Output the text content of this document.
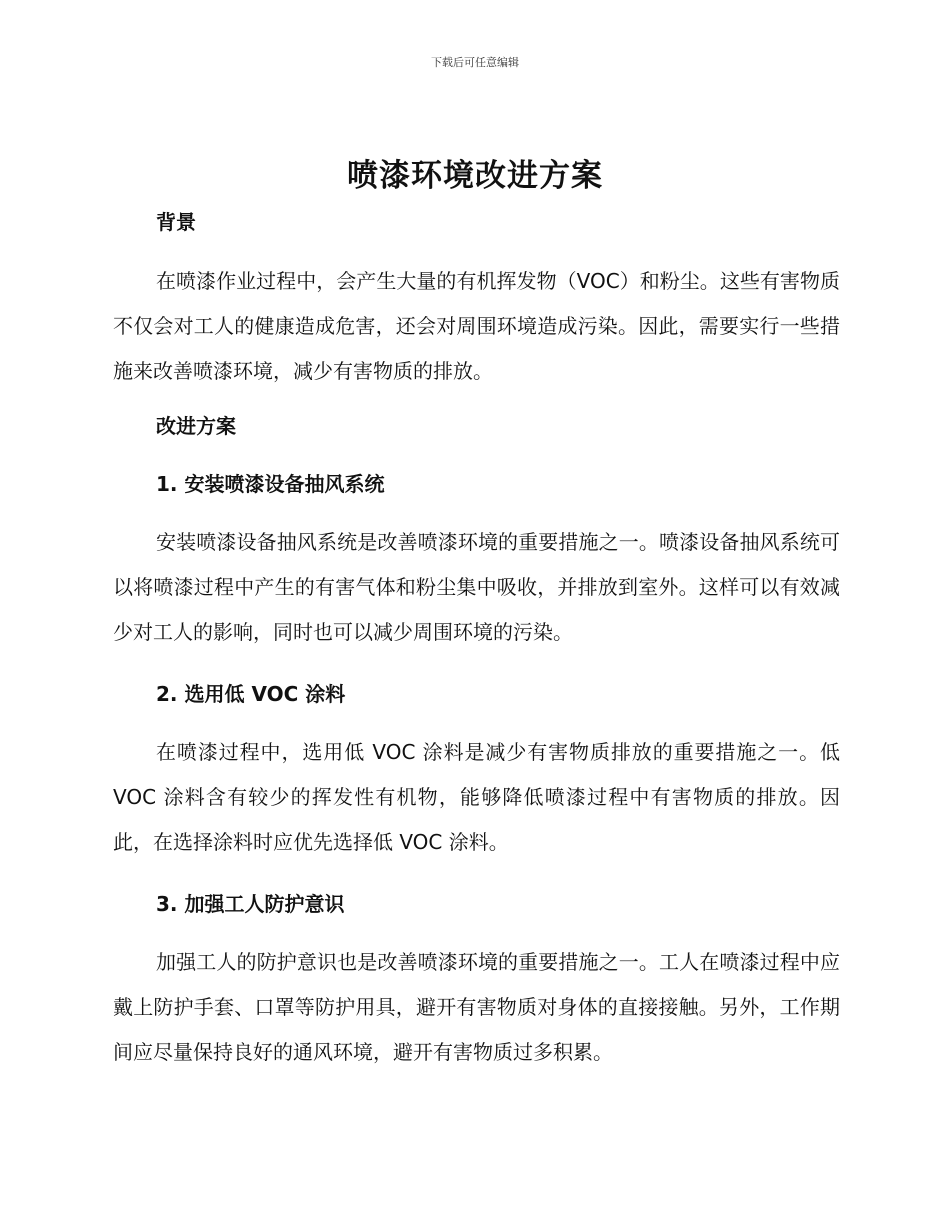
下载后可任意编辑
喷漆环境改进方案

背景

在喷漆作业过程中，会产生大量的有机挥发物（VOC）和粉尘。这些有害物质不仅会对工人的健康造成危害，还会对周围环境造成污染。因此，需要实行一些措施来改善喷漆环境，减少有害物质的排放。

改进方案

1. 安装喷漆设备抽风系统

安装喷漆设备抽风系统是改善喷漆环境的重要措施之一。喷漆设备抽风系统可以将喷漆过程中产生的有害气体和粉尘集中吸收，并排放到室外。这样可以有效减少对工人的影响，同时也可以减少周围环境的污染。

2. 选用低 VOC 涂料

在喷漆过程中，选用低 VOC 涂料是减少有害物质排放的重要措施之一。低 VOC 涂料含有较少的挥发性有机物，能够降低喷漆过程中有害物质的排放。因此，在选择涂料时应优先选择低 VOC 涂料。

3. 加强工人防护意识

加强工人的防护意识也是改善喷漆环境的重要措施之一。工人在喷漆过程中应戴上防护手套、口罩等防护用具，避开有害物质对身体的直接接触。另外，工作期间应尽量保持良好的通风环境，避开有害物质过多积累。
